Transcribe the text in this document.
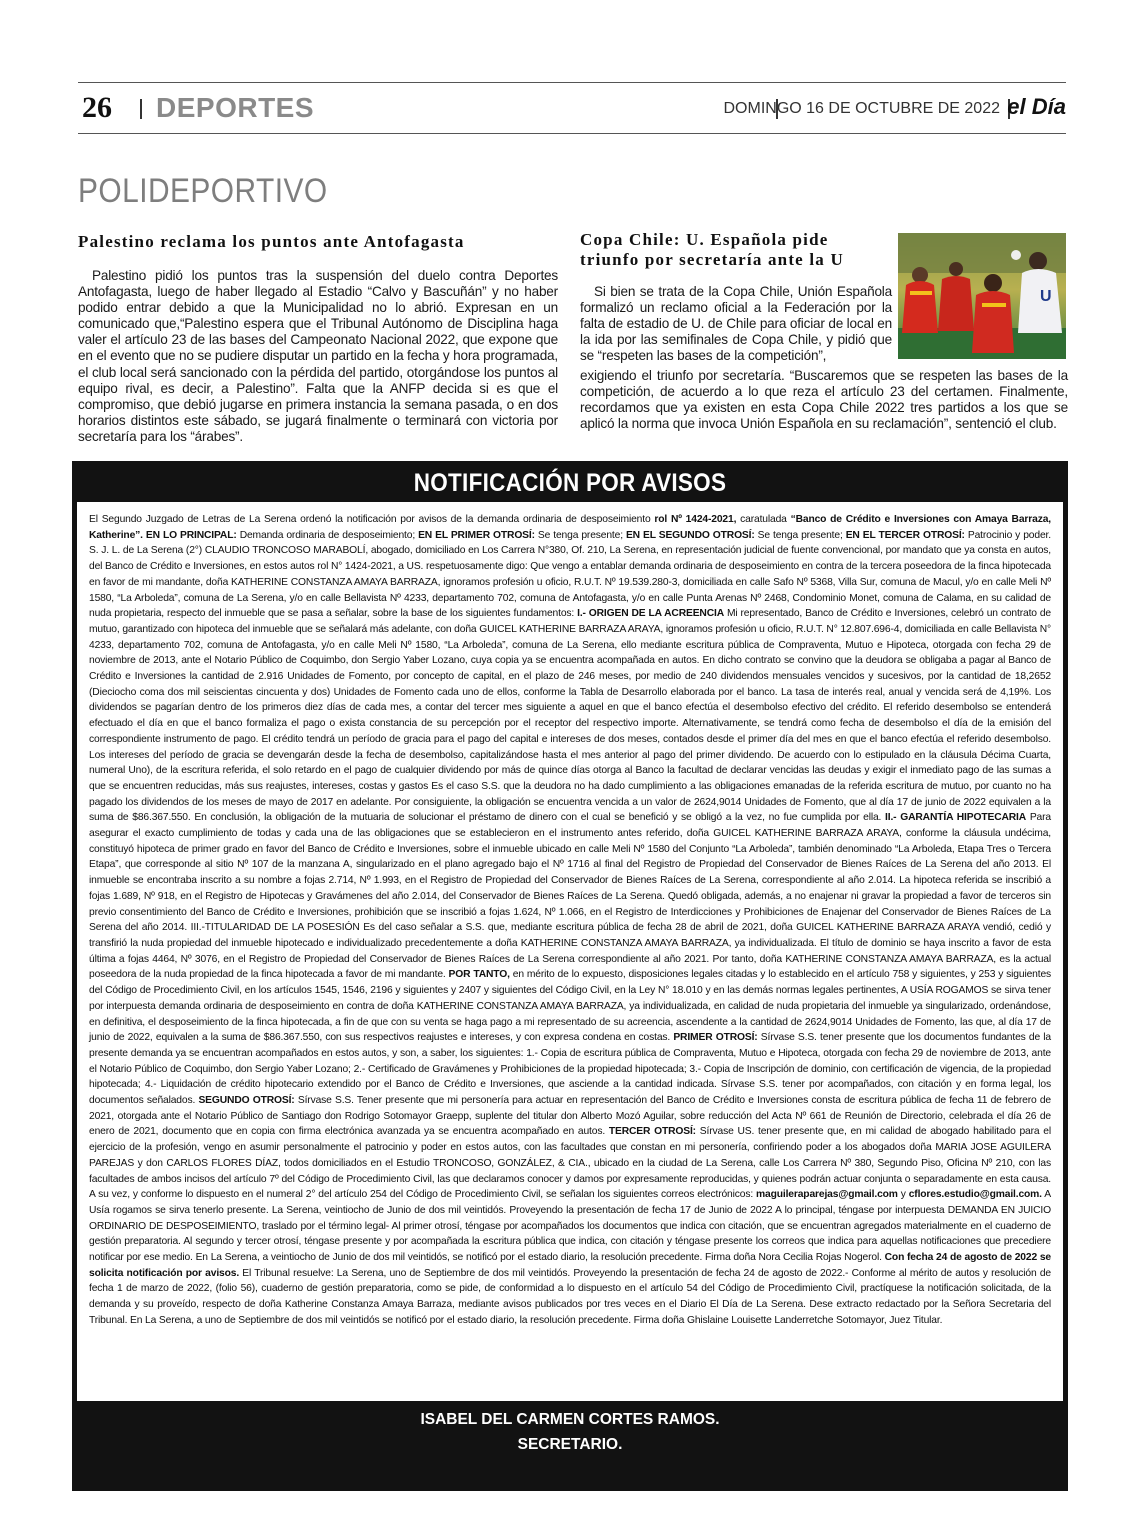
26 DEPORTES	DOMINGO 16 DE OCTUBRE DE 2022 el Día
POLIDEPORTIVO
Palestino reclama los puntos ante Antofagasta
Palestino pidió los puntos tras la suspensión del duelo contra Deportes Antofagasta, luego de haber llegado al Estadio “Calvo y Bascuñán” y no haber podido entrar debido a que la Municipalidad no lo abrió. Expresan en un comunicado que,“Palestino espera que el Tribunal Autónomo de Disciplina haga valer el artículo 23 de las bases del Campeonato Nacional 2022, que expone que en el evento que no se pudiere disputar un partido en la fecha y hora programada, el club local será sancionado con la pérdida del partido, otorgándose los puntos al equipo rival, es decir, a Palestino”. Falta que la ANFP decida si es que el compromiso, que debió jugarse en primera instancia la semana pasada, o en dos horarios distintos este sábado, se jugará finalmente o terminará con victoria por secretaría para los “árabes”.
Copa Chile: U. Española pide
triunfo por secretaría ante la U
U
Si bien se trata de la Copa Chile, Unión Española formalizó un reclamo oficial a la Federación por la falta de estadio de U. de Chile para oficiar de local en la ida por las semifinales de Copa Chile, y pidió que se “respeten las bases de la competición”,
exigiendo el triunfo por secretaría. “Buscaremos que se respeten las bases de la competición, de acuerdo a lo que reza el artículo 23 del certamen. Finalmente, recordamos que ya existen en esta Copa Chile 2022 tres partidos a los que se aplicó la norma que invoca Unión Española en su reclamación”, sentenció el club.
NOTIFICACIÓN POR AVISOS
El Segundo Juzgado de Letras de La Serena ordenó la notificación por avisos de la demanda ordinaria de desposeimiento rol Nº 1424-2021, caratulada “Banco de Crédito e Inversiones con Amaya Barraza, Katherine”. EN LO PRINCIPAL: Demanda ordinaria de desposeimiento; EN EL PRIMER OTROSÍ: Se tenga presente; EN EL SEGUNDO OTROSÍ: Se tenga presente; EN EL TERCER OTROSÍ: Patrocinio y poder. S. J. L. de La Serena (2°) CLAUDIO TRONCOSO MARABOLÍ, abogado, domiciliado en Los Carrera N°380, Of. 210, La Serena, en representación judicial de fuente convencional, por mandato que ya consta en autos, del Banco de Crédito e Inversiones, en estos autos rol N° 1424-2021, a US. respetuosamente digo: Que vengo a entablar demanda ordinaria de desposeimiento en contra de la tercera poseedora de la finca hipotecada en favor de mi mandante, doña KATHERINE CONSTANZA AMAYA BARRAZA, ignoramos profesión u oficio, R.U.T. Nº 19.539.280-3, domiciliada en calle Safo Nº 5368, Villa Sur, comuna de Macul, y/o en calle Meli Nº 1580, “La Arboleda”, comuna de La Serena, y/o en calle Bellavista Nº 4233, departamento 702, comuna de Antofagasta, y/o en calle Punta Arenas Nº 2468, Condominio Monet, comuna de Calama, en su calidad de nuda propietaria, respecto del inmueble que se pasa a señalar, sobre la base de los siguientes fundamentos: I.- ORIGEN DE LA ACREENCIA Mi representado, Banco de Crédito e Inversiones, celebró un contrato de mutuo, garantizado con hipoteca del inmueble que se señalará más adelante, con doña GUICEL KATHERINE BARRAZA ARAYA, ignoramos profesión u oficio, R.U.T. N° 12.807.696-4, domiciliada en calle Bellavista N° 4233, departamento 702, comuna de Antofagasta, y/o en calle Meli Nº 1580, “La Arboleda”, comuna de La Serena, ello mediante escritura pública de Compraventa, Mutuo e Hipoteca, otorgada con fecha 29 de noviembre de 2013, ante el Notario Público de Coquimbo, don Sergio Yaber Lozano, cuya copia ya se encuentra acompañada en autos. En dicho contrato se convino que la deudora se obligaba a pagar al Banco de Crédito e Inversiones la cantidad de 2.916 Unidades de Fomento, por concepto de capital, en el plazo de 246 meses, por medio de 240 dividendos mensuales vencidos y sucesivos, por la cantidad de 18,2652 (Dieciocho coma dos mil seiscientas cincuenta y dos) Unidades de Fomento cada uno de ellos, conforme la Tabla de Desarrollo elaborada por el banco. La tasa de interés real, anual y vencida será de 4,19%. Los dividendos se pagarían dentro de los primeros diez días de cada mes, a contar del tercer mes siguiente a aquel en que el banco efectúa el desembolso efectivo del crédito. El referido desembolso se entenderá efectuado el día en que el banco formaliza el pago o exista constancia de su percepción por el receptor del respectivo importe. Alternativamente, se tendrá como fecha de desembolso el día de la emisión del correspondiente instrumento de pago. El crédito tendrá un período de gracia para el pago del capital e intereses de dos meses, contados desde el primer día del mes en que el banco efectúa el referido desembolso. Los intereses del período de gracia se devengarán desde la fecha de desembolso, capitalizándose hasta el mes anterior al pago del primer dividendo. De acuerdo con lo estipulado en la cláusula Décima Cuarta, numeral Uno), de la escritura referida, el solo retardo en el pago de cualquier dividendo por más de quince días otorga al Banco la facultad de declarar vencidas las deudas y exigir el inmediato pago de las sumas a que se encuentren reducidas, más sus reajustes, intereses, costas y gastos Es el caso S.S. que la deudora no ha dado cumplimiento a las obligaciones emanadas de la referida escritura de mutuo, por cuanto no ha pagado los dividendos de los meses de mayo de 2017 en adelante. Por consiguiente, la obligación se encuentra vencida a un valor de 2624,9014 Unidades de Fomento, que al día 17 de junio de 2022 equivalen a la suma de $86.367.550. En conclusión, la obligación de la mutuaria de solucionar el préstamo de dinero con el cual se benefició y se obligó a la vez, no fue cumplida por ella. II.- GARANTÍA HIPOTECARIA Para asegurar el exacto cumplimiento de todas y cada una de las obligaciones que se establecieron en el instrumento antes referido, doña GUICEL KATHERINE BARRAZA ARAYA, conforme la cláusula undécima, constituyó hipoteca de primer grado en favor del Banco de Crédito e Inversiones, sobre el inmueble ubicado en calle Meli Nº 1580 del Conjunto “La Arboleda”, también denominado “La Arboleda, Etapa Tres o Tercera Etapa”, que corresponde al sitio Nº 107 de la manzana A, singularizado en el plano agregado bajo el Nº 1716 al final del Registro de Propiedad del Conservador de Bienes Raíces de La Serena del año 2013. El inmueble se encontraba inscrito a su nombre a fojas 2.714, Nº 1.993, en el Registro de Propiedad del Conservador de Bienes Raíces de La Serena, correspondiente al año 2.014. La hipoteca referida se inscribió a fojas 1.689, Nº 918, en el Registro de Hipotecas y Gravámenes del año 2.014, del Conservador de Bienes Raíces de La Serena. Quedó obligada, además, a no enajenar ni gravar la propiedad a favor de terceros sin previo consentimiento del Banco de Crédito e Inversiones, prohibición que se inscribió a fojas 1.624, Nº 1.066, en el Registro de Interdicciones y Prohibiciones de Enajenar del Conservador de Bienes Raíces de La Serena del año 2014. III.-TITULARIDAD DE LA POSESIÓN Es del caso señalar a S.S. que, mediante escritura pública de fecha 28 de abril de 2021, doña GUICEL KATHERINE BARRAZA ARAYA vendió, cedió y transfirió la nuda propiedad del inmueble hipotecado e individualizado precedentemente a doña KATHERINE CONSTANZA AMAYA BARRAZA, ya individualizada. El título de dominio se haya inscrito a favor de esta última a fojas 4464, Nº 3076, en el Registro de Propiedad del Conservador de Bienes Raíces de La Serena correspondiente al año 2021. Por tanto, doña KATHERINE CONSTANZA AMAYA BARRAZA, es la actual poseedora de la nuda propiedad de la finca hipotecada a favor de mi mandante. POR TANTO, en mérito de lo expuesto, disposiciones legales citadas y lo establecido en el artículo 758 y siguientes, y 253 y siguientes del Código de Procedimiento Civil, en los artículos 1545, 1546, 2196 y siguientes y 2407 y siguientes del Código Civil, en la Ley N° 18.010 y en las demás normas legales pertinentes, A USÍA ROGAMOS se sirva tener por interpuesta demanda ordinaria de desposeimiento en contra de doña KATHERINE CONSTANZA AMAYA BARRAZA, ya individualizada, en calidad de nuda propietaria del inmueble ya singularizado, ordenándose, en definitiva, el desposeimiento de la finca hipotecada, a fin de que con su venta se haga pago a mi representado de su acreencia, ascendente a la cantidad de 2624,9014 Unidades de Fomento, las que, al día 17 de junio de 2022, equivalen a la suma de $86.367.550, con sus respectivos reajustes e intereses, y con expresa condena en costas. PRIMER OTROSÍ: Sírvase S.S. tener presente que los documentos fundantes de la presente demanda ya se encuentran acompañados en estos autos, y son, a saber, los siguientes: 1.- Copia de escritura pública de Compraventa, Mutuo e Hipoteca, otorgada con fecha 29 de noviembre de 2013, ante el Notario Público de Coquimbo, don Sergio Yaber Lozano; 2.- Certificado de Gravámenes y Prohibiciones de la propiedad hipotecada; 3.- Copia de Inscripción de dominio, con certificación de vigencia, de la propiedad hipotecada; 4.- Liquidación de crédito hipotecario extendido por el Banco de Crédito e Inversiones, que asciende a la cantidad indicada. Sírvase S.S. tener por acompañados, con citación y en forma legal, los documentos señalados. SEGUNDO OTROSÍ: Sírvase S.S. Tener presente que mi personería para actuar en representación del Banco de Crédito e Inversiones consta de escritura pública de fecha 11 de febrero de 2021, otorgada ante el Notario Público de Santiago don Rodrigo Sotomayor Graepp, suplente del titular don Alberto Mozó Aguilar, sobre reducción del Acta Nº 661 de Reunión de Directorio, celebrada el día 26 de enero de 2021, documento que en copia con firma electrónica avanzada ya se encuentra acompañado en autos. TERCER OTROSÍ: Sírvase US. tener presente que, en mi calidad de abogado habilitado para el ejercicio de la profesión, vengo en asumir personalmente el patrocinio y poder en estos autos, con las facultades que constan en mi personería, confiriendo poder a los abogados doña MARIA JOSE AGUILERA PAREJAS y don CARLOS FLORES DÍAZ, todos domiciliados en el Estudio TRONCOSO, GONZÁLEZ, & CIA., ubicado en la ciudad de La Serena, calle Los Carrera Nº 380, Segundo Piso, Oficina Nº 210, con las facultades de ambos incisos del artículo 7º del Código de Procedimiento Civil, las que declaramos conocer y damos por expresamente reproducidas, y quienes podrán actuar conjunta o separadamente en esta causa. A su vez, y conforme lo dispuesto en el numeral 2° del artículo 254 del Código de Procedimiento Civil, se señalan los siguientes correos electrónicos: maguileraparejas@gmail.com y cflores.estudio@gmail.com. A Usía rogamos se sirva tenerlo presente. La Serena, veintiocho de Junio de dos mil veintidós. Proveyendo la presentación de fecha 17 de Junio de 2022 A lo principal, téngase por interpuesta DEMANDA EN JUICIO ORDINARIO DE DESPOSEIMIENTO, traslado por el término legal- Al primer otrosí, téngase por acompañados los documentos que indica con citación, que se encuentran agregados materialmente en el cuaderno de gestión preparatoria. Al segundo y tercer otrosí, téngase presente y por acompañada la escritura pública que indica, con citación y téngase presente los correos que indica para aquellas notificaciones que precediere notificar por ese medio. En La Serena, a veintiocho de Junio de dos mil veintidós, se notificó por el estado diario, la resolución precedente. Firma doña Nora Cecilia Rojas Nogerol. Con fecha 24 de agosto de 2022 se solicita notificación por avisos. El Tribunal resuelve: La Serena, uno de Septiembre de dos mil veintidós. Proveyendo la presentación de fecha 24 de agosto de 2022.- Conforme al mérito de autos y resolución de fecha 1 de marzo de 2022, (folio 56), cuaderno de gestión preparatoria, como se pide, de conformidad a lo dispuesto en el artículo 54 del Código de Procedimiento Civil, practíquese la notificación solicitada, de la demanda y su proveído, respecto de doña Katherine Constanza Amaya Barraza, mediante avisos publicados por tres veces en el Diario El Día de La Serena. Dese extracto redactado por la Señora Secretaria del Tribunal. En La Serena, a uno de Septiembre de dos mil veintidós se notificó por el estado diario, la resolución precedente. Firma doña Ghislaine Louisette Landerretche Sotomayor, Juez Titular.
ISABEL DEL CARMEN CORTES RAMOS.
SECRETARIO.
